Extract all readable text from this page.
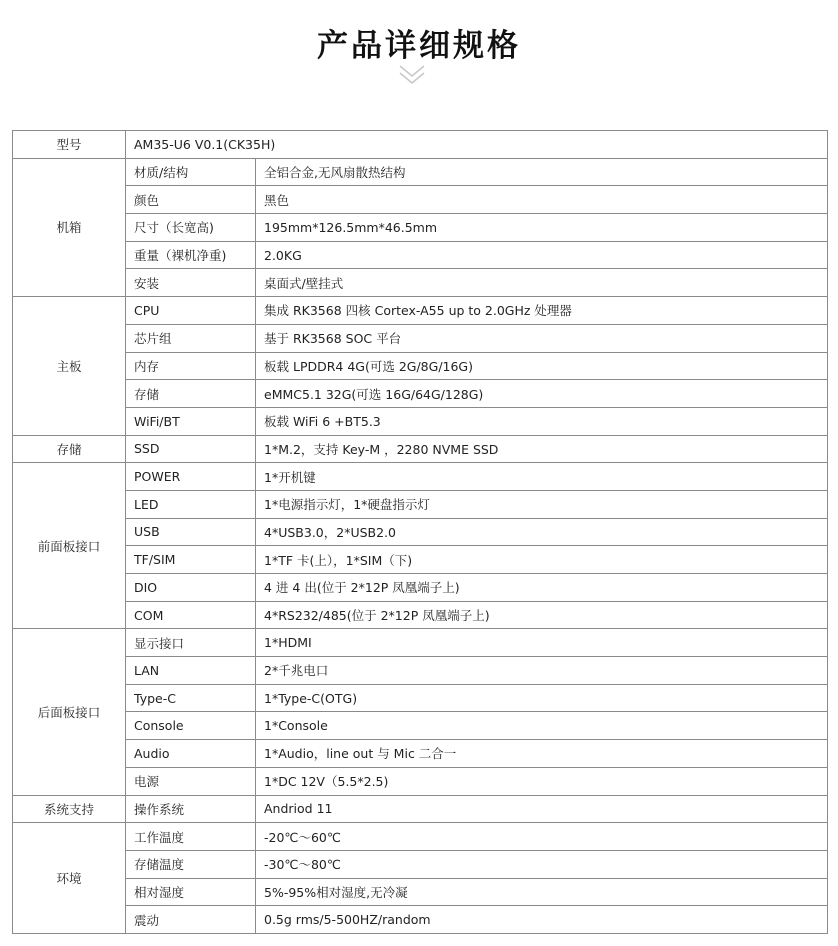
产品详细规格
型号	AM35-U6 V0.1(CK35H)	
机箱	材质/结构	全铝合金,无风扇散热结构
	颜色	黑色
	尺寸（长宽高)	195mm*126.5mm*46.5mm
	重量（裸机净重)	2.0KG
	安装	桌面式/壁挂式
主板	CPU	集成 RK3568 四核 Cortex-A55 up to 2.0GHz 处理器
	芯片组	基于 RK3568 SOC 平台
	内存	板载 LPDDR4 4G(可选 2G/8G/16G)
	存储	eMMC5.1 32G(可选 16G/64G/128G)
	WiFi/BT	板载 WiFi 6 +BT5.3
存储	SSD	1*M.2，支持 Key-M ，2280 NVME SSD
前面板接口	POWER	1*开机键
	LED	1*电源指示灯，1*硬盘指示灯
	USB	4*USB3.0，2*USB2.0
	TF/SIM	1*TF 卡(上），1*SIM（下)
	DIO	4 进 4 出(位于 2*12P 凤凰端子上)
	COM	4*RS232/485(位于 2*12P 凤凰端子上)
后面板接口	显示接口	1*HDMI
	LAN	2*千兆电口
	Type-C	1*Type-C(OTG)
	Console	1*Console
	Audio	1*Audio，line out 与 Mic 二合一
	电源	1*DC 12V（5.5*2.5)
系统支持	操作系统	Andriod 11
环境	工作温度	-20℃～60℃
	存储温度	-30℃～80℃
	相对湿度	5%-95%相对湿度,无冷凝
	震动	0.5g rms/5-500HZ/random
